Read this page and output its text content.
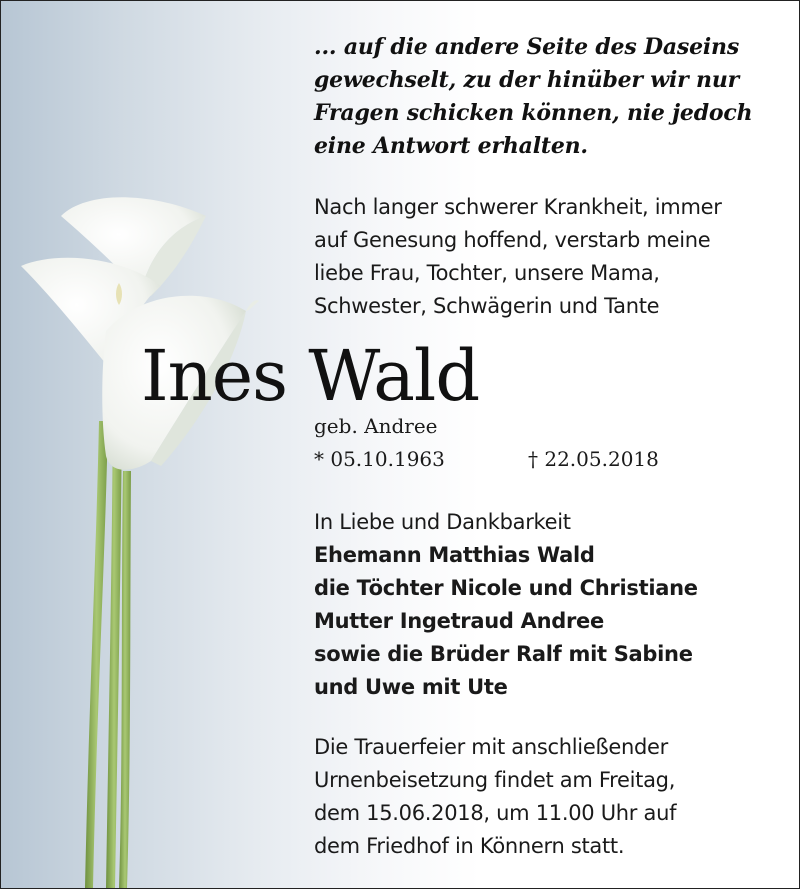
... auf die andere Seite des Daseins
gewechselt, zu der hinüber wir nur
Fragen schicken können, nie jedoch
eine Antwort erhalten.
Nach langer schwerer Krankheit, immer
auf Genesung hoffend, verstarb meine
liebe Frau, Tochter, unsere Mama,
Schwester, Schwägerin und Tante
Ines Wald
geb. Andree
* 05.10.1963	† 22.05.2018
In Liebe und Dankbarkeit
Ehemann Matthias Wald
die Töchter Nicole und Christiane
Mutter Ingetraud Andree
sowie die Brüder Ralf mit Sabine
und Uwe mit Ute
Die Trauerfeier mit anschließender
Urnenbeisetzung findet am Freitag,
dem 15.06.2018, um 11.00 Uhr auf
dem Friedhof in Könnern statt.
